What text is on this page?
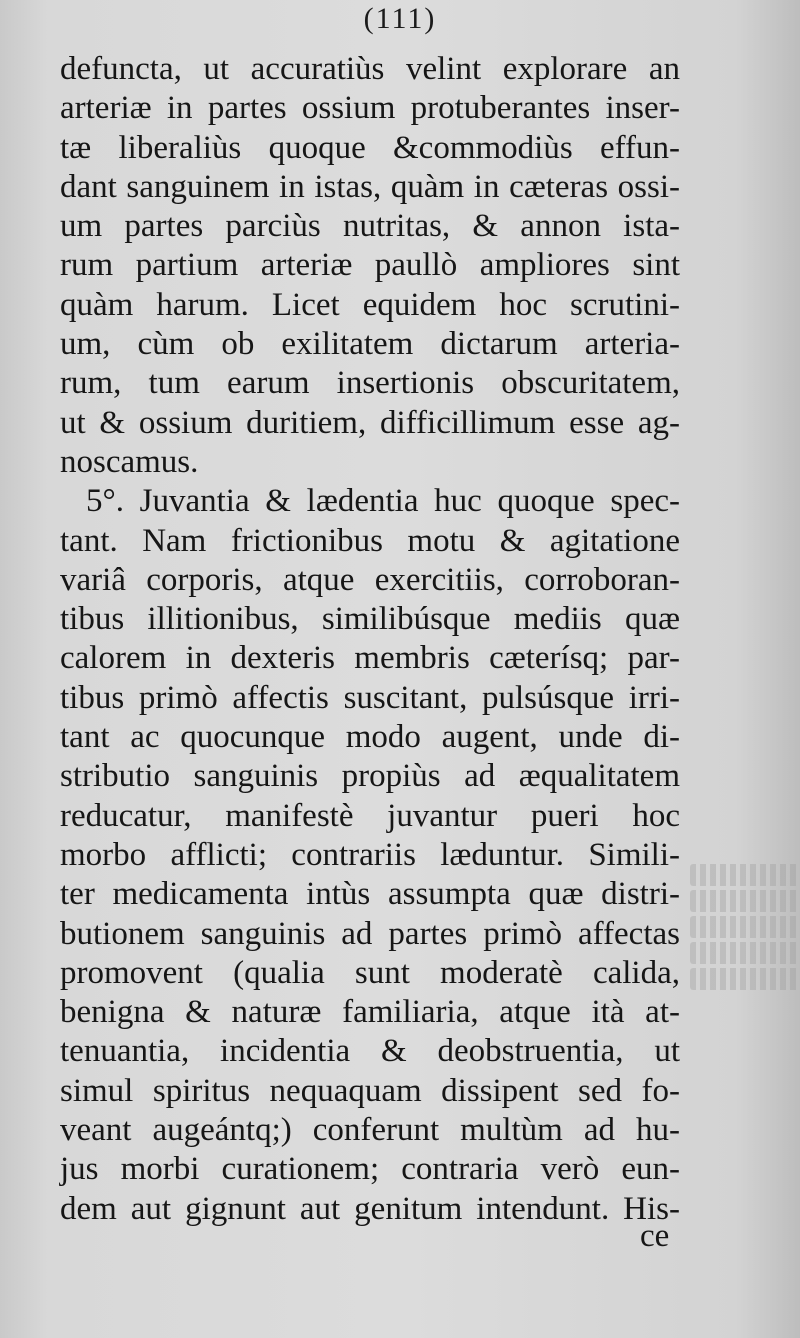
(111)
defuncta, ut accuratiùs velint explorare an
arteriæ in partes ossium protuberantes inser-
tæ liberaliùs quoque &commodiùs effun-
dant sanguinem in istas, quàm in cæteras ossi-
um partes parciùs nutritas, & annon ista-
rum partium arteriæ paullò ampliores sint
quàm harum. Licet equidem hoc scrutini-
um, cùm ob exilitatem dictarum arteria-
rum, tum earum insertionis obscuritatem,
ut & ossium duritiem, difficillimum esse ag-
noscamus.
5°. Juvantia & lædentia huc quoque spec-
tant. Nam frictionibus motu & agitatione
variâ corporis, atque exercitiis, corroboran-
tibus illitionibus, similibúsque mediis quæ
calorem in dexteris membris cæterísq; par-
tibus primò affectis suscitant, pulsúsque irri-
tant ac quocunque modo augent, unde di-
stributio sanguinis propiùs ad æqualitatem
reducatur, manifestè juvantur pueri hoc
morbo afflicti; contrariis læduntur. Simili-
ter medicamenta intùs assumpta quæ distri-
butionem sanguinis ad partes primò affectas
promovent (qualia sunt moderatè calida,
benigna & naturæ familiaria, atque ità at-
tenuantia, incidentia & deobstruentia, ut
simul spiritus nequaquam dissipent sed fo-
veant augeántq;) conferunt multùm ad hu-
jus morbi curationem; contraria verò eun-
dem aut gignunt aut genitum intendunt. His-
ce
